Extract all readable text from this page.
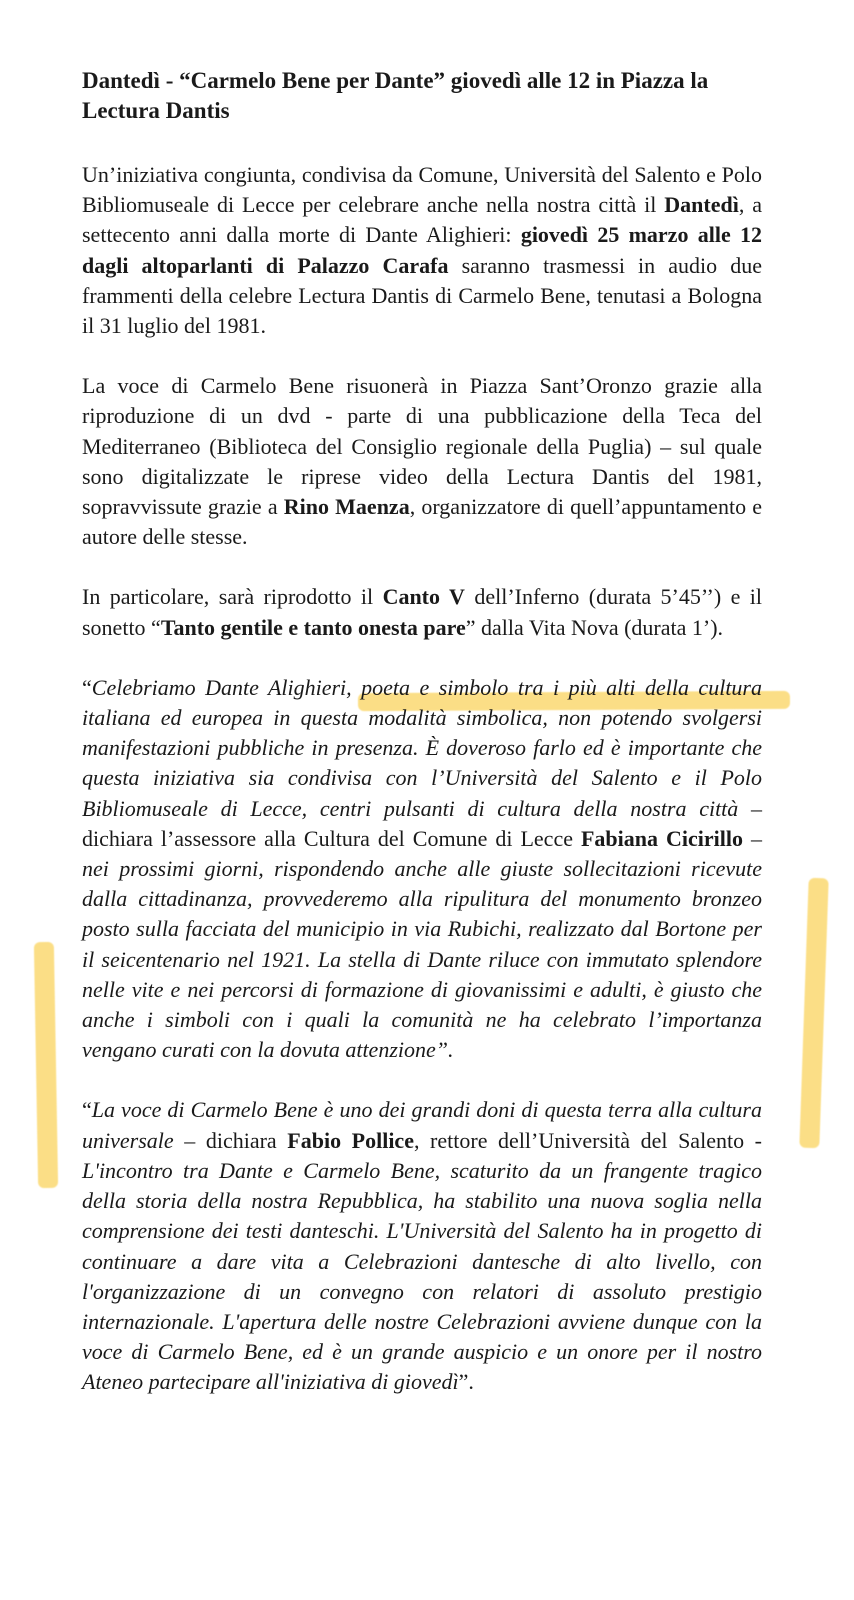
Dantedì - “Carmelo Bene per Dante” giovedì alle 12 in Piazza la Lectura Dantis

Un’iniziativa congiunta, condivisa da Comune, Università del Salento e Polo Bibliomuseale di Lecce per celebrare anche nella nostra città il Dantedì, a settecento anni dalla morte di Dante Alighieri: giovedì 25 marzo alle 12 dagli altoparlanti di Palazzo Carafa saranno trasmessi in audio due frammenti della celebre Lectura Dantis di Carmelo Bene, tenutasi a Bologna il 31 luglio del 1981.

La voce di Carmelo Bene risuonerà in Piazza Sant’Oronzo grazie alla riproduzione di un dvd - parte di una pubblicazione della Teca del Mediterraneo (Biblioteca del Consiglio regionale della Puglia) – sul quale sono digitalizzate le riprese video della Lectura Dantis del 1981, sopravvissute grazie a Rino Maenza, organizzatore di quell’appuntamento e autore delle stesse.

In particolare, sarà riprodotto il Canto V dell’Inferno (durata 5’45’’) e il sonetto “Tanto gentile e tanto onesta pare” dalla Vita Nova (durata 1’).

“Celebriamo Dante Alighieri, poeta e simbolo tra i più alti della cultura italiana ed europea in questa modalità simbolica, non potendo svolgersi manifestazioni pubbliche in presenza. È doveroso farlo ed è importante che questa iniziativa sia condivisa con l’Università del Salento e il Polo Bibliomuseale di Lecce, centri pulsanti di cultura della nostra città – dichiara l’assessore alla Cultura del Comune di Lecce Fabiana Cicirillo – nei prossimi giorni, rispondendo anche alle giuste sollecitazioni ricevute dalla cittadinanza, provvederemo alla ripulitura del monumento bronzeo posto sulla facciata del municipio in via Rubichi, realizzato dal Bortone per il seicentenario nel 1921. La stella di Dante riluce con immutato splendore nelle vite e nei percorsi di formazione di giovanissimi e adulti, è giusto che anche i simboli con i quali la comunità ne ha celebrato l’importanza vengano curati con la dovuta attenzione”.

“La voce di Carmelo Bene è uno dei grandi doni di questa terra alla cultura universale – dichiara Fabio Pollice, rettore dell’Università del Salento - L'incontro tra Dante e Carmelo Bene, scaturito da un frangente tragico della storia della nostra Repubblica, ha stabilito una nuova soglia nella comprensione dei testi danteschi. L'Università del Salento ha in progetto di continuare a dare vita a Celebrazioni dantesche di alto livello, con l'organizzazione di un convegno con relatori di assoluto prestigio internazionale. L'apertura delle nostre Celebrazioni avviene dunque con la voce di Carmelo Bene, ed è un grande auspicio e un onore per il nostro Ateneo partecipare all'iniziativa di giovedì”.
